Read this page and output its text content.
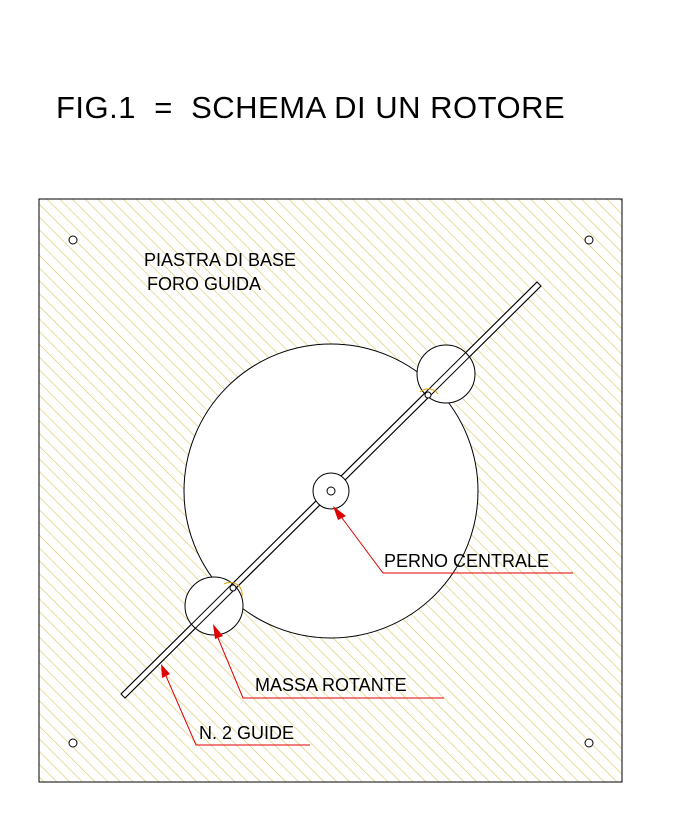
FIG.1  =  SCHEMA DI UN ROTORE
PIASTRA DI BASE
FORO GUIDA
PERNO CENTRALE
MASSA ROTANTE
N. 2 GUIDE
